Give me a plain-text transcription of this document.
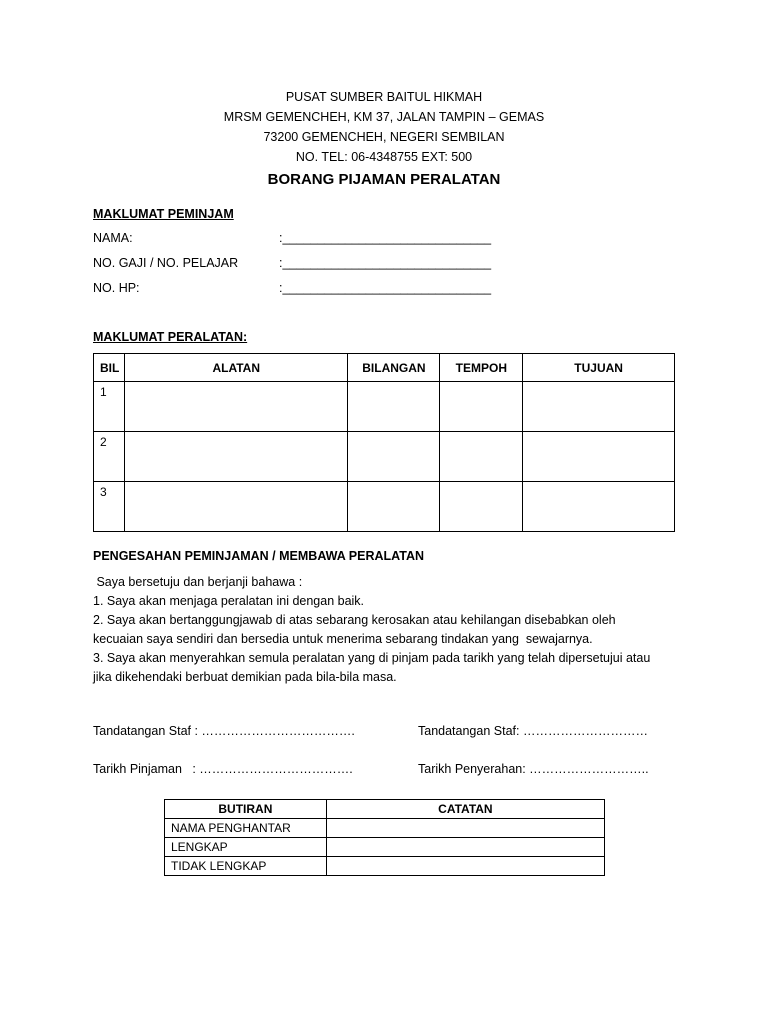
PUSAT SUMBER BAITUL HIKMAH
MRSM GEMENCHEH, KM 37, JALAN TAMPIN – GEMAS
73200 GEMENCHEH, NEGERI SEMBILAN
NO. TEL: 06-4348755 EXT: 500
BORANG PIJAMAN PERALATAN
MAKLUMAT PEMINJAM
NAMA:	:______________________________
NO. GAJI / NO. PELAJAR	:______________________________
NO. HP:	:______________________________
MAKLUMAT PERALATAN:
BIL	ALATAN	BILANGAN	TEMPOH	TUJUAN
1				
2				
3				
PENGESAHAN PEMINJAMAN / MEMBAWA PERALATAN
Saya bersetuju dan berjanji bahawa :
1. Saya akan menjaga peralatan ini dengan baik.
2. Saya akan bertanggungjawab di atas sebarang kerosakan atau kehilangan disebabkan oleh
kecuaian saya sendiri dan bersedia untuk menerima sebarang tindakan yang  sewajarnya.
3. Saya akan menyerahkan semula peralatan yang di pinjam pada tarikh yang telah dipersetujui atau
jika dikehendaki berbuat demikian pada bila-bila masa.
Tandatangan Staf : ……………………………….	Tandatangan Staf: …………………………
Tarikh Pinjaman   : ……………………………….	Tarikh Penyerahan: ………………………..
BUTIRAN	CATATAN
NAMA PENGHANTAR	
LENGKAP	
TIDAK LENGKAP	
